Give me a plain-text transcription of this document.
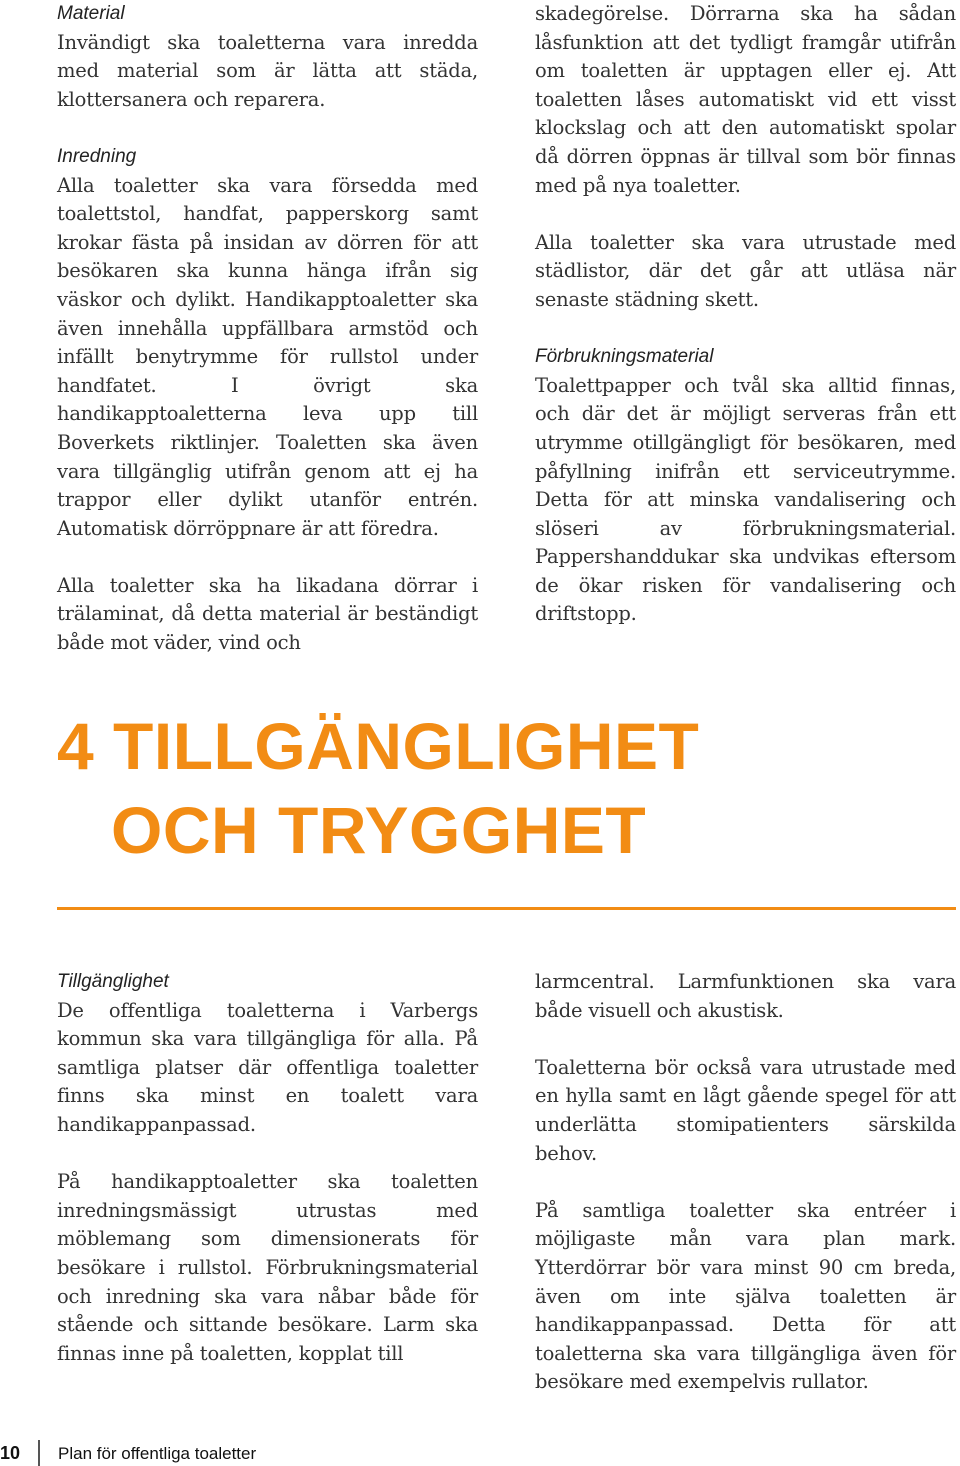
Material

Invändigt ska toaletterna vara inredda med material som är lätta att städa, klottersanera och reparera.

Inredning

Alla toaletter ska vara försedda med toalettstol, handfat, papperskorg samt krokar fästa på insidan av dörren för att besökaren ska kunna hänga ifrån sig väskor och dylikt. Handikapptoaletter ska även innehålla uppfällbara armstöd och infällt benytrymme för rullstol under handfatet. I övrigt ska handikapptoaletterna leva upp till Boverkets riktlinjer. Toaletten ska även vara tillgänglig utifrån genom att ej ha trappor eller dylikt utanför entrén. Automatisk dörröppnare är att föredra.

Alla toaletter ska ha likadana dörrar i trälaminat, då detta material är beständigt både mot väder, vind och

skadegörelse. Dörrarna ska ha sådan låsfunktion att det tydligt framgår utifrån om toaletten är upptagen eller ej. Att toaletten låses automatiskt vid ett visst klockslag och att den automatiskt spolar då dörren öppnas är tillval som bör finnas med på nya toaletter.

Alla toaletter ska vara utrustade med städlistor, där det går att utläsa när senaste städning skett.

Förbrukningsmaterial

Toalettpapper och tvål ska alltid finnas, och där det är möjligt serveras från ett utrymme otillgängligt för besökaren, med påfyllning inifrån ett serviceutrymme. Detta för att minska vandalisering och slöseri av förbrukningsmaterial. Pappershanddukar ska undvikas eftersom de ökar risken för vandalisering och driftstopp.

4 TILLGÄNGLIGHET
OCH TRYGGHET
Tillgänglighet

De offentliga toaletterna i Varbergs kommun ska vara tillgängliga för alla. På samtliga platser där offentliga toaletter finns ska minst en toalett vara handikappanpassad.

På handikapptoaletter ska toaletten inredningsmässigt utrustas med möblemang som dimensionerats för besökare i rullstol. Förbrukningsmaterial och inredning ska vara nåbar både för stående och sittande besökare. Larm ska finnas inne på toaletten, kopplat till

larmcentral. Larmfunktionen ska vara både visuell och akustisk.

Toaletterna bör också vara utrustade med en hylla samt en lågt gående spegel för att underlätta stomipatienters särskilda behov.

På samtliga toaletter ska entréer i möjligaste mån vara plan mark. Ytterdörrar bör vara minst 90 cm breda, även om inte själva toaletten är handikappanpassad. Detta för att toaletterna ska vara tillgängliga även för besökare med exempelvis rullator.

10	Plan för offentliga toaletter
